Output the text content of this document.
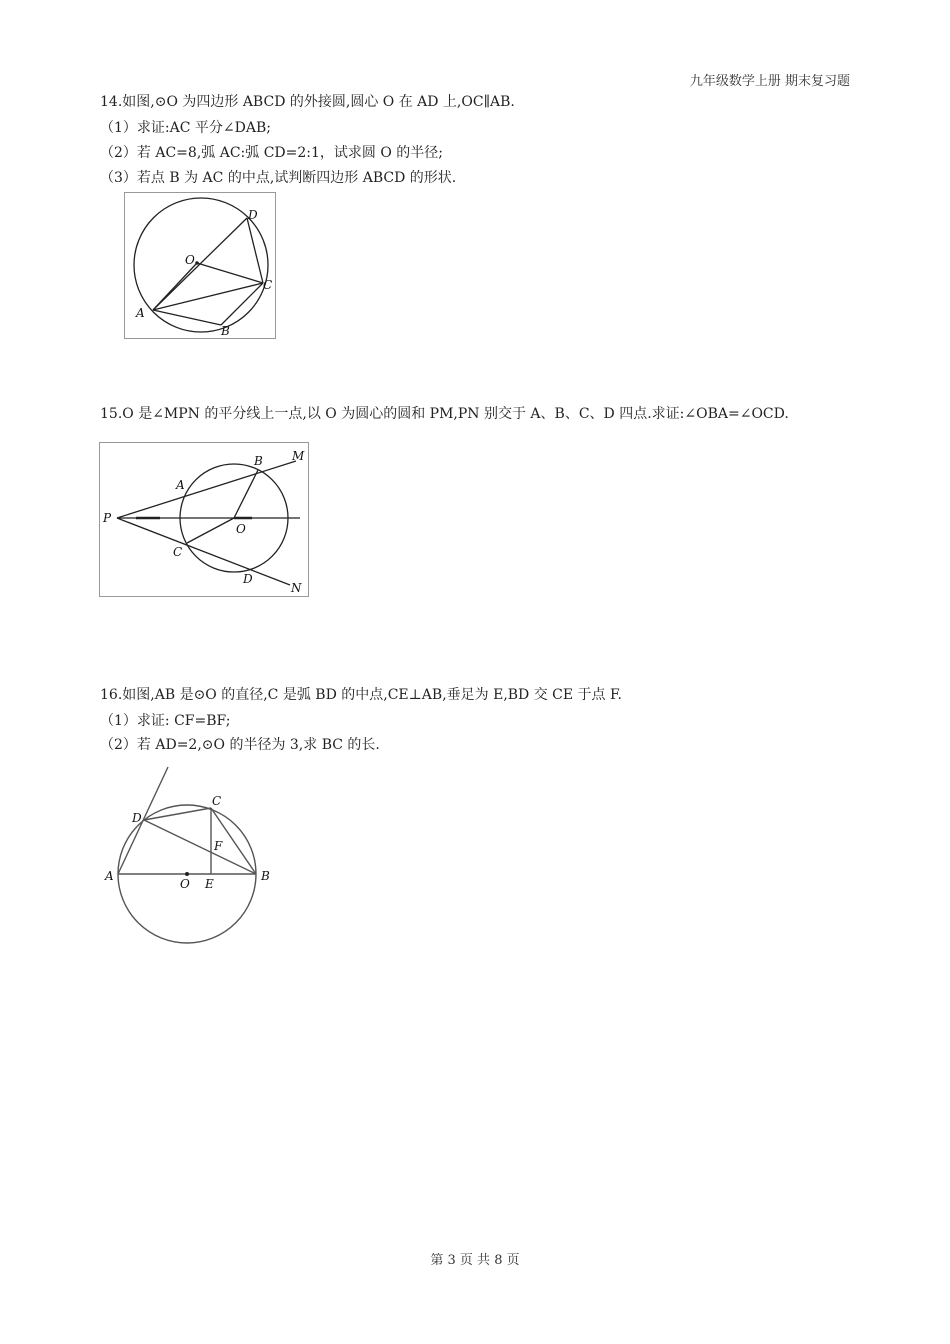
九年级数学上册 期末复习题
14.如图,⊙O 为四边形 ABCD 的外接圆,圆心 O 在 AD 上,OC∥AB.
（1）求证:AC 平分∠DAB;
（2）若 AC=8,弧 AC:弧 CD=2:1，试求圆 O 的半径;
（3）若点 B 为 AC 的中点,试判断四边形 ABCD 的形状.
A
B
C
D
O
15.O 是∠MPN 的平分线上一点,以 O 为圆心的圆和 PM,PN 别交于 A、B、C、D 四点.求证:∠OBA=∠OCD.
P
A
B M
O
C
D
N
16.如图,AB 是⊙O 的直径,C 是弧 BD 的中点,CE⊥AB,垂足为 E,BD 交 CE 于点 F.
（1）求证: CF=BF;
（2）若 AD=2,⊙O 的半径为 3,求 BC 的长.
A	B
C
D
E
F
O
第 3 页 共 8 页
